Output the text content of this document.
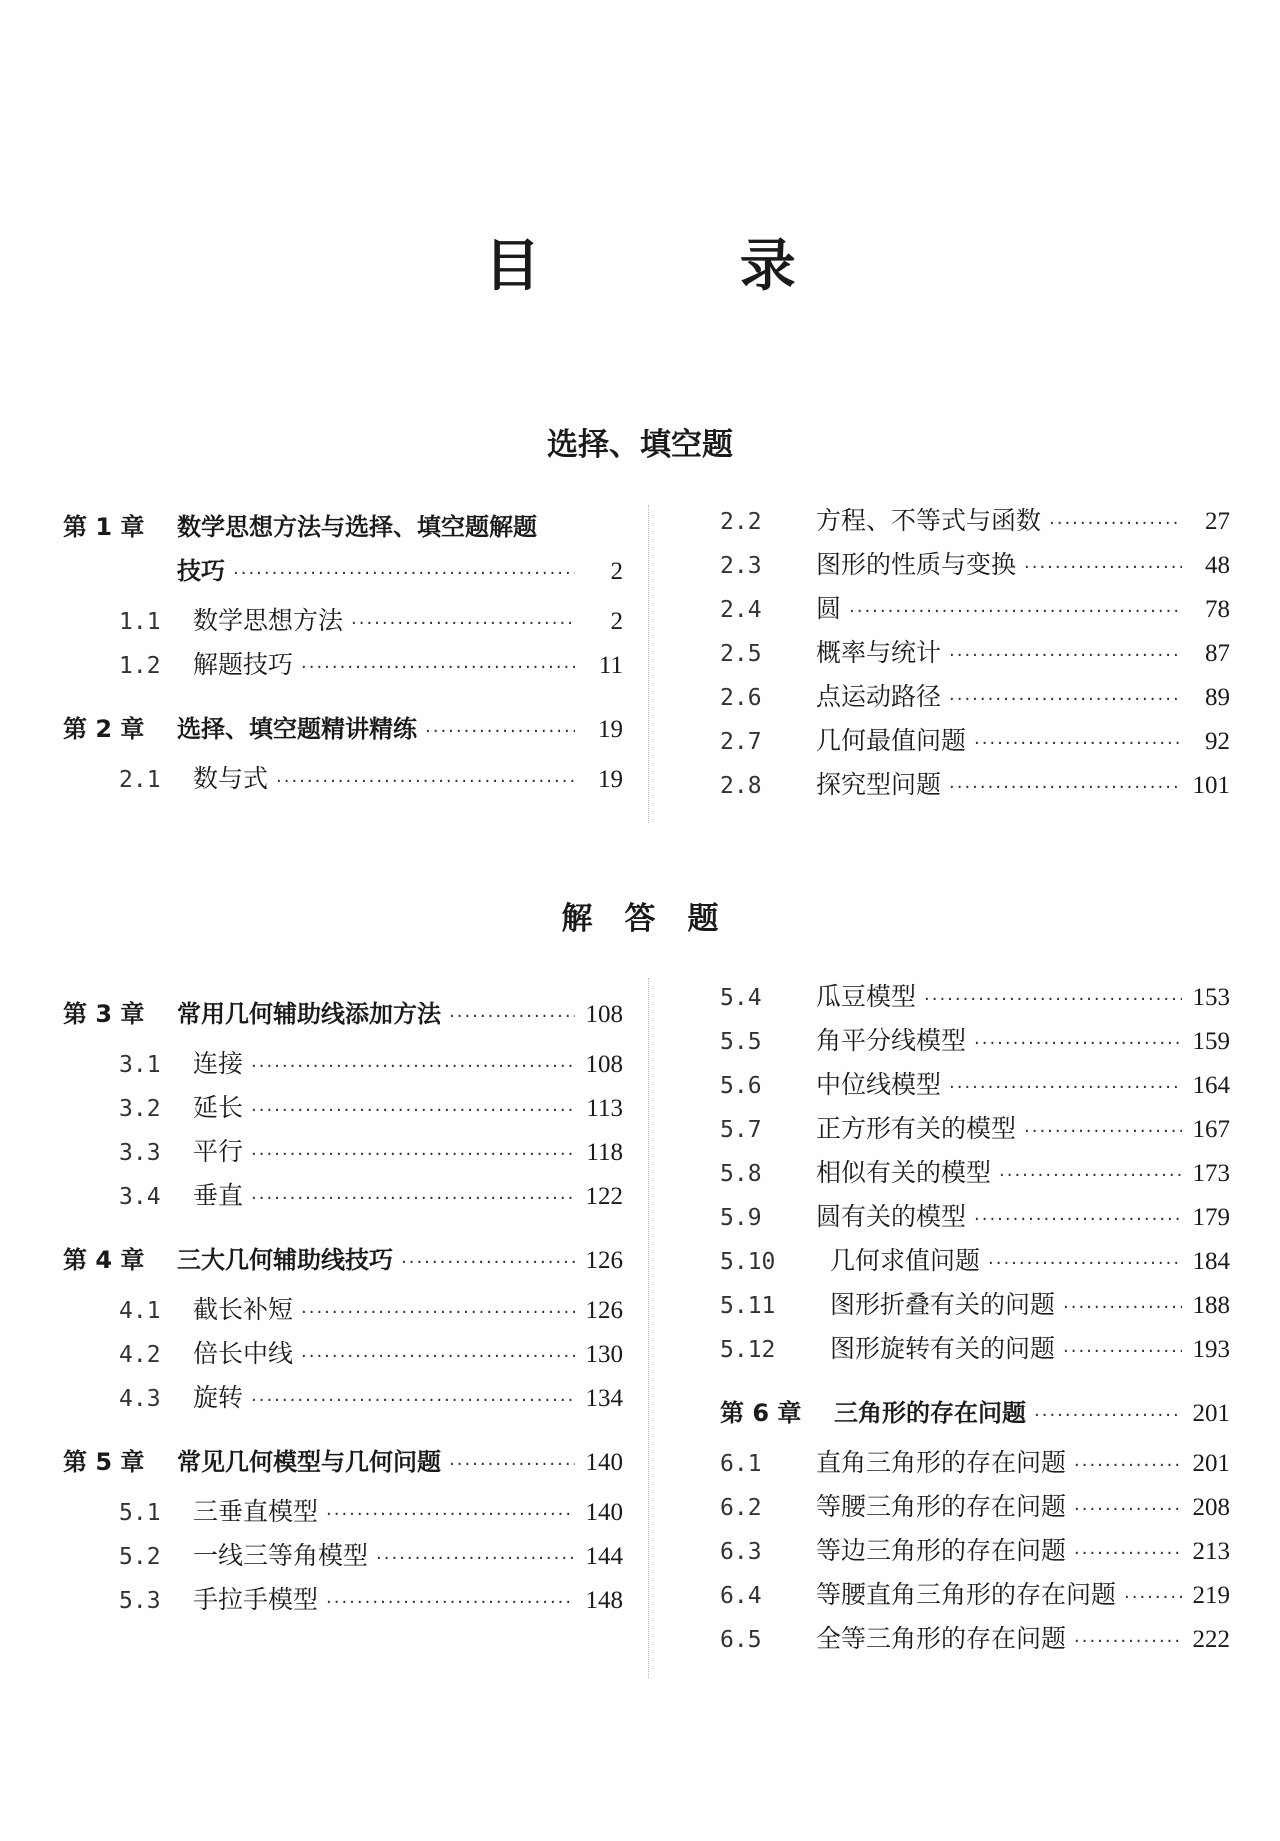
目 录
选择、填空题
第 1 章	数学思想方法与选择、填空题解题
技巧 ·····	2
1.1	数学思想方法 ·····	2
1.2	解题技巧 ·····	11
第 2 章	选择、填空题精讲精练 ·····	19
2.1	数与式 ·····	19
2.2	方程、不等式与函数 ·····	27
2.3	图形的性质与变换 ·····	48
2.4	圆 ·····	78
2.5	概率与统计 ·····	87
2.6	点运动路径 ·····	89
2.7	几何最值问题 ·····	92
2.8	探究型问题 ·····	101
解答题
第 3 章	常用几何辅助线添加方法 ·····	108
3.1	连接 ·····	108
3.2	延长 ·····	113
3.3	平行 ·····	118
3.4	垂直 ·····	122
第 4 章	三大几何辅助线技巧 ·····	126
4.1	截长补短 ·····	126
4.2	倍长中线 ·····	130
4.3	旋转 ·····	134
第 5 章	常见几何模型与几何问题 ·····	140
5.1	三垂直模型 ·····	140
5.2	一线三等角模型 ·····	144
5.3	手拉手模型 ·····	148
5.4	瓜豆模型 ·····	153
5.5	角平分线模型 ·····	159
5.6	中位线模型 ·····	164
5.7	正方形有关的模型 ·····	167
5.8	相似有关的模型 ·····	173
5.9	圆有关的模型 ·····	179
5.10	几何求值问题 ·····	184
5.11	图形折叠有关的问题 ·····	188
5.12	图形旋转有关的问题 ·····	193
第 6 章	三角形的存在问题 ·····	201
6.1	直角三角形的存在问题 ·····	201
6.2	等腰三角形的存在问题 ·····	208
6.3	等边三角形的存在问题 ·····	213
6.4	等腰直角三角形的存在问题 ·····	219
6.5	全等三角形的存在问题 ·····	222
